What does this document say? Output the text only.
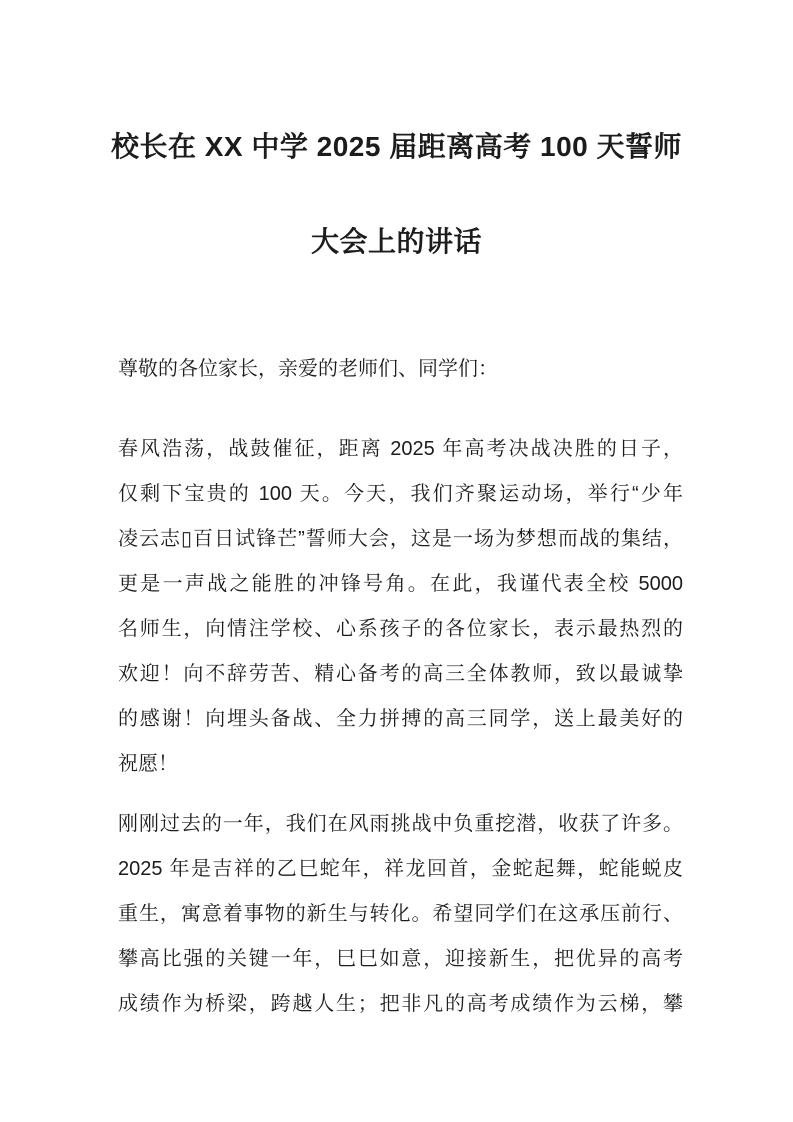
校长在 XX 中学 2025 届距离高考 100 天誓师
大会上的讲话
尊敬的各位家长，亲爱的老师们、同学们：
春风浩荡，战鼓催征，距离 2025 年高考决战决胜的日子，
仅剩下宝贵的 100 天。今天，我们齐聚运动场，举行“少年
凌云志▯百日试锋芒”誓师大会，这是一场为梦想而战的集结，
更是一声战之能胜的冲锋号角。在此，我谨代表全校 5000
名师生，向情注学校、心系孩子的各位家长，表示最热烈的
欢迎！向不辞劳苦、精心备考的高三全体教师，致以最诚挚
的感谢！向埋头备战、全力拼搏的高三同学，送上最美好的
祝愿！
刚刚过去的一年，我们在风雨挑战中负重挖潜，收获了许多。
2025 年是吉祥的乙巳蛇年，祥龙回首，金蛇起舞，蛇能蜕皮
重生，寓意着事物的新生与转化。希望同学们在这承压前行、
攀高比强的关键一年，巳巳如意，迎接新生，把优异的高考
成绩作为桥梁，跨越人生；把非凡的高考成绩作为云梯，攀
